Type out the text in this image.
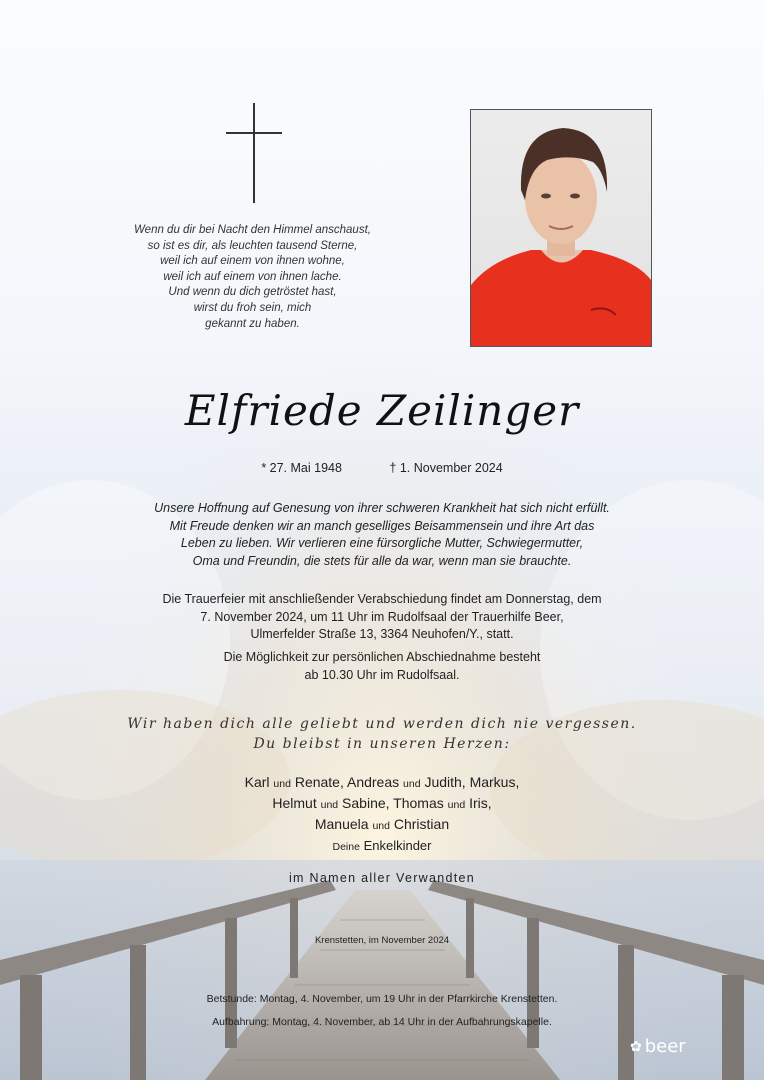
Wenn du dir bei Nacht den Himmel anschaust,
so ist es dir, als leuchten tausend Sterne,
weil ich auf einem von ihnen wohne,
weil ich auf einem von ihnen lache.
Und wenn du dich getröstet hast,
wirst du froh sein, mich
gekannt zu haben.
Elfriede Zeilinger
* 27. Mai 1948	† 1. November 2024
Unsere Hoffnung auf Genesung von ihrer schweren Krankheit hat sich nicht erfüllt.
Mit Freude denken wir an manch geselliges Beisammensein und ihre Art das
Leben zu lieben. Wir verlieren eine fürsorgliche Mutter, Schwiegermutter,
Oma und Freundin, die stets für alle da war, wenn man sie brauchte.
Die Trauerfeier mit anschließender Verabschiedung findet am Donnerstag, dem
7. November 2024, um 11 Uhr im Rudolfsaal der Trauerhilfe Beer,
Ulmerfelder Straße 13, 3364 Neuhofen/Y., statt.
Die Möglichkeit zur persönlichen Abschiednahme besteht
ab 10.30 Uhr im Rudolfsaal.
Wir haben dich alle geliebt und werden dich nie vergessen.
Du bleibst in unseren Herzen:
Karl und Renate, Andreas und Judith, Markus,
Helmut und Sabine, Thomas und Iris,
Manuela und Christian
Deine Enkelkinder
im Namen aller Verwandten
Krenstetten, im November 2024
Betstunde: Montag, 4. November, um 19 Uhr in der Pfarrkirche Krenstetten.
Aufbahrung: Montag, 4. November, ab 14 Uhr in der Aufbahrungskapelle.
✿ beer
